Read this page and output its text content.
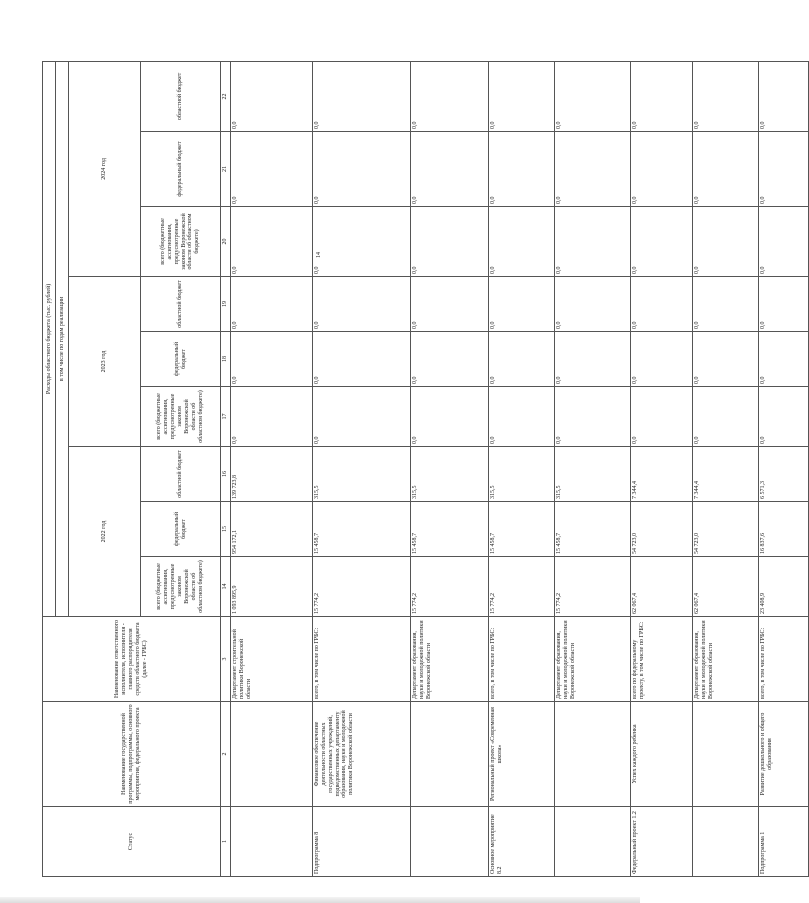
14
Статус	Наименование государственной программы, подпрограммы, основного мероприятия, федерального проекта	Наименование ответственного исполнителя, исполнителя - главного распорядителя средств областного бюджета (далее - ГРБС)	Расходы областного бюджета (тыс. рублей)								
			в том числе по годам реализации								
			2022 год			2023 год			2024 год		
			всего (бюджетные ассигнования, предусмотренные законом Воронежской области об областном бюджете)	федеральный бюджет	областной бюджет	всего (бюджетные ассигнования, предусмотренные законом Воронежской области об областном бюджете)	федеральный бюджет	областной бюджет	всего (бюджетные ассигнования, предусмотренные законом Воронежской области об областном бюджете)	федеральный бюджет	областной бюджет
1	2	3	14	15	16	17	18	19	20	21	22
		Департамент строительной политики Воронежской области	1 093 895,9	954 172,1	139 723,8	0,0	0,0	0,0	0,0	0,0	0,0
Подпрограмма 8	Финансовое обеспечение деятельности областных государственных учреждений, подведомственных департаменту образования, науки и молодежной политики Воронежской области	всего, в том числе по ГРБС:	15 774,2	15 458,7	315,5	0,0	0,0	0,0	0,0	0,0	0,0
		Департамент образования, науки и молодежной политики Воронежской области	15 774,2	15 458,7	315,5	0,0	0,0	0,0	0,0	0,0	0,0
Основное мероприятие 8.2	Региональный проект «Современная школа»	всего, в том числе по ГРБС:	15 774,2	15 458,7	315,5	0,0	0,0	0,0	0,0	0,0	0,0
		Департамент образования, науки и молодежной политики Воронежской области	15 774,2	15 458,7	315,5	0,0	0,0	0,0	0,0	0,0	0,0
Федеральный проект 1.2	Успех каждого ребенка	всего по федеральному проекту, в том числе по ГРБС:	62 067,4	54 723,0	7 344,4	0,0	0,0	0,0	0,0	0,0	0,0
		Департамент образования, науки и молодежной политики Воронежской области	62 067,4	54 723,0	7 344,4	0,0	0,0	0,0	0,0	0,0	0,0
Подпрограмма 1	Развитие дошкольного и общего образования	всего, в том числе по ГРБС:	23 408,9	16 837,6	6 571,3	0,0	0,0	0,0	0,0	0,0	0,0
